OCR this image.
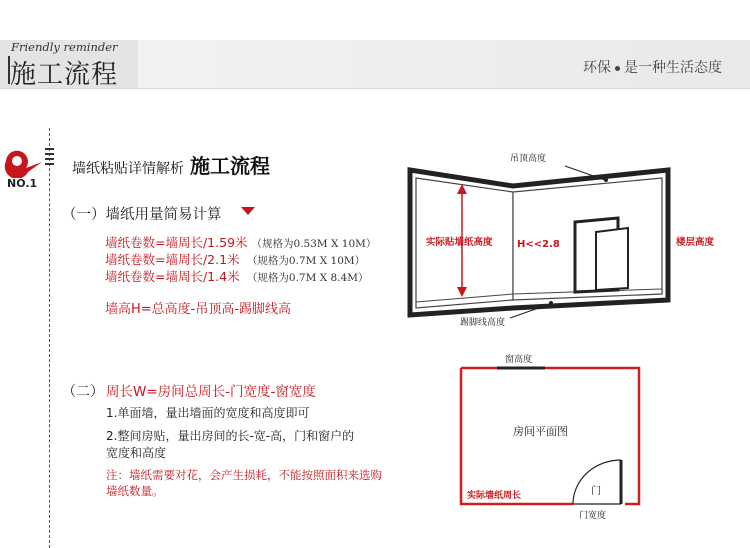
Friendly reminder
施工流程	环保 是一种生活态度
NO.1
墙纸粘贴详情解析 施工流程
（一）墙纸用量简易计算
墙纸卷数=墙周长/1.59米 （规格为0.53M X 10M）
墙纸卷数=墙周长/2.1米 （规格为0.7M X 10M）
墙纸卷数=墙周长/1.4米 （规格为0.7M X 8.4M）
墙高H=总高度-吊顶高-踢脚线高
（二） 周长W=房间总周长-门宽度-窗宽度
1.单面墙，量出墙面的宽度和高度即可
2.整间房贴，量出房间的长-宽-高，门和窗户的宽度和高度
注：墙纸需要对花，会产生损耗，不能按照面积来选购墙纸数量。
吊顶高度
实际贴墙纸高度 H<<2.8	楼层高度
踢脚线高度
窗高度
房间平面图
实际墙纸周长	门
门宽度
